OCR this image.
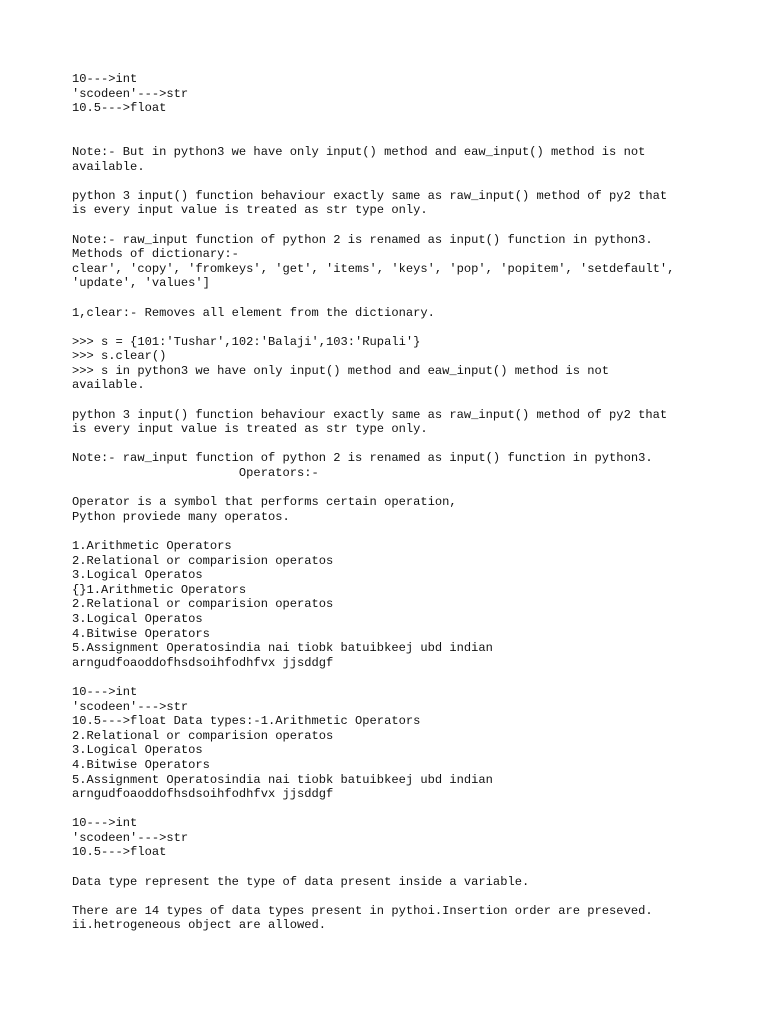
10--->int
'scodeen'--->str
10.5--->float
Note:- But in python3 we have only input() method and eaw_input() method is not
available.
python 3 input() function behaviour exactly same as raw_input() method of py2 that
is every input value is treated as str type only.
Note:- raw_input function of python 2 is renamed as input() function in python3.
Methods of dictionary:-
clear', 'copy', 'fromkeys', 'get', 'items', 'keys', 'pop', 'popitem', 'setdefault',
'update', 'values']
1,clear:- Removes all element from the dictionary.
>>> s = {101:'Tushar',102:'Balaji',103:'Rupali'}
>>> s.clear()
>>> s in python3 we have only input() method and eaw_input() method is not
available.
python 3 input() function behaviour exactly same as raw_input() method of py2 that
is every input value is treated as str type only.
Note:- raw_input function of python 2 is renamed as input() function in python3.
Operators:-
Operator is a symbol that performs certain operation,
Python proviede many operatos.
1.Arithmetic Operators
2.Relational or comparision operatos
3.Logical Operatos
{}1.Arithmetic Operators
2.Relational or comparision operatos
3.Logical Operatos
4.Bitwise Operators
5.Assignment Operatosindia nai tiobk batuibkeej ubd indian
arngudfoaoddofhsdsoihfodhfvx jjsddgf
10--->int
'scodeen'--->str
10.5--->float Data types:-1.Arithmetic Operators
2.Relational or comparision operatos
3.Logical Operatos
4.Bitwise Operators
5.Assignment Operatosindia nai tiobk batuibkeej ubd indian
arngudfoaoddofhsdsoihfodhfvx jjsddgf
10--->int
'scodeen'--->str
10.5--->float
Data type represent the type of data present inside a variable.
There are 14 types of data types present in pythoi.Insertion order are preseved.
ii.hetrogeneous object are allowed.
